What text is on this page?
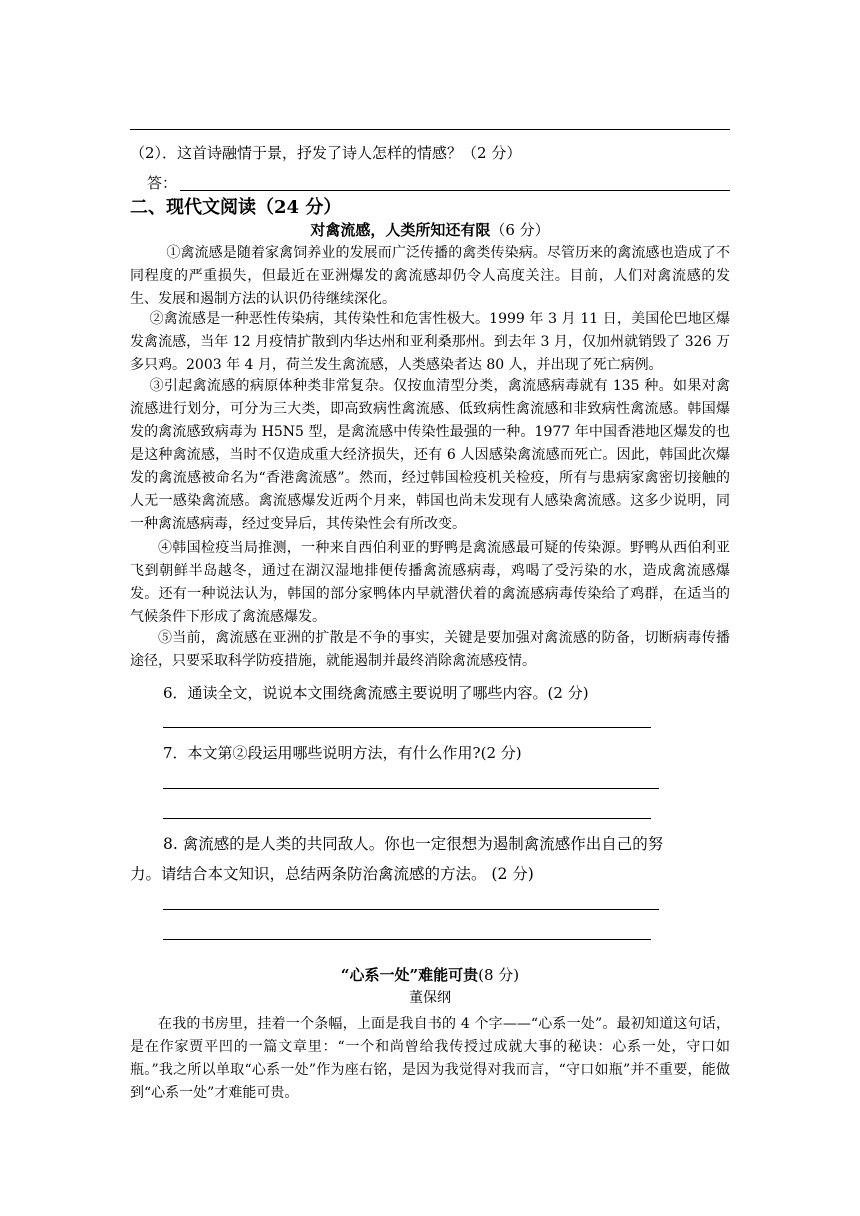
（2）．这首诗融情于景，抒发了诗人怎样的情感？（2 分）
答：
二、现代文阅读（24 分）
对禽流感，人类所知还有限（6 分）
①禽流感是随着家禽饲养业的发展而广泛传播的禽类传染病。尽管历来的禽流感也造成了不同程度的严重损失，但最近在亚洲爆发的禽流感却仍令人高度关注。目前，人们对禽流感的发生、发展和遏制方法的认识仍待继续深化。
②禽流感是一种恶性传染病，其传染性和危害性极大。1999 年 3 月 11 日，美国伦巴地区爆发禽流感，当年 12 月疫情扩散到内华达州和亚利桑那州。到去年 3 月，仅加州就销毁了 326 万多只鸡。2003 年 4 月，荷兰发生禽流感，人类感染者达 80 人，并出现了死亡病例。
③引起禽流感的病原体种类非常复杂。仅按血清型分类，禽流感病毒就有 135 种。如果对禽流感进行划分，可分为三大类，即高致病性禽流感、低致病性禽流感和非致病性禽流感。韩国爆发的禽流感致病毒为 H5N5 型，是禽流感中传染性最强的一种。1977 年中国香港地区爆发的也是这种禽流感，当时不仅造成重大经济损失，还有 6 人因感染禽流感而死亡。因此，韩国此次爆发的禽流感被命名为“香港禽流感”。然而，经过韩国检疫机关检疫，所有与患病家禽密切接触的人无一感染禽流感。禽流感爆发近两个月来，韩国也尚未发现有人感染禽流感。这多少说明，同一种禽流感病毒，经过变异后，其传染性会有所改变。
④韩国检疫当局推测，一种来自西伯利亚的野鸭是禽流感最可疑的传染源。野鸭从西伯利亚飞到朝鲜半岛越冬，通过在湖汉湿地排便传播禽流感病毒，鸡喝了受污染的水，造成禽流感爆发。还有一种说法认为，韩国的部分家鸭体内早就潜伏着的禽流感病毒传染给了鸡群，在适当的气候条件下形成了禽流感爆发。
⑤当前，禽流感在亚洲的扩散是不争的事实，关键是要加强对禽流感的防备，切断病毒传播途径，只要采取科学防疫措施，就能遏制并最终消除禽流感疫情。
6．通读全文，说说本文围绕禽流感主要说明了哪些内容。(2 分)
7．本文第②段运用哪些说明方法，有什么作用?(2 分)
8. 禽流感的是人类的共同敌人。你也一定很想为遏制禽流感作出自己的努
力。请结合本文知识，总结两条防治禽流感的方法。 (2 分)
“心系一处”难能可贵(8 分)
董保纲
在我的书房里，挂着一个条幅，上面是我自书的 4 个字——“心系一处”。最初知道这句话，是在作家贾平凹的一篇文章里：“一个和尚曾给我传授过成就大事的秘诀：心系一处，守口如瓶。”我之所以单取“心系一处”作为座右铭，是因为我觉得对我而言，“守口如瓶”并不重要，能做到“心系一处”才难能可贵。
